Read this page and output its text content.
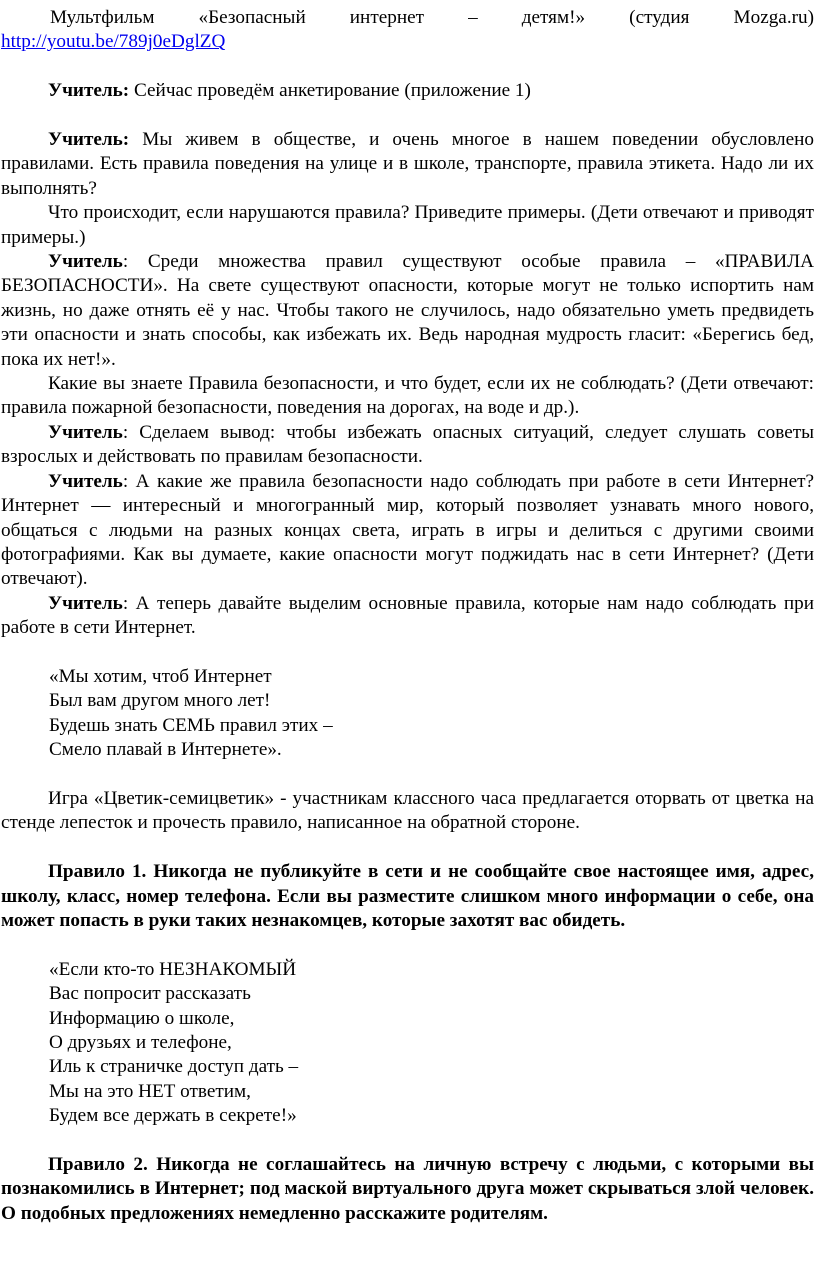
Мультфильм «Безопасный интернет – детям!» (студия Mozga.ru)

http://youtu.be/789j0eDglZQ

Учитель: Сейчас проведём анкетирование (приложение 1)

Учитель: Мы живем в обществе, и очень многое в нашем поведении обусловлено правилами. Есть правила поведения на улице и в школе, транспорте, правила этикета. Надо ли их выполнять?

Что происходит, если нарушаются правила? Приведите примеры. (Дети отвечают и приводят примеры.)

Учитель: Среди множества правил существуют особые правила – «ПРАВИЛА БЕЗОПАСНОСТИ». На свете существуют опасности, которые могут не только испортить нам жизнь, но даже отнять её у нас. Чтобы такого не случилось, надо обязательно уметь предвидеть эти опасности и знать способы, как избежать их. Ведь народная мудрость гласит: «Берегись бед, пока их нет!».

Какие вы знаете Правила безопасности, и что будет, если их не соблюдать? (Дети отвечают: правила пожарной безопасности, поведения на дорогах, на воде и др.).

Учитель: Сделаем вывод: чтобы избежать опасных ситуаций, следует слушать советы взрослых и действовать по правилам безопасности.

Учитель: А какие же правила безопасности надо соблюдать при работе в сети Интернет? Интернет — интересный и многогранный мир, который позволяет узнавать много нового, общаться с людьми на разных концах света, играть в игры и делиться с другими своими фотографиями. Как вы думаете, какие опасности могут поджидать нас в сети Интернет? (Дети отвечают).

Учитель: А теперь давайте выделим основные правила, которые нам надо соблюдать при работе в сети Интернет.

«Мы хотим, чтоб Интернет
Был вам другом много лет!
Будешь знать СЕМЬ правил этих –
Смело плавай в Интернете».

Игра «Цветик-семицветик» - участникам классного часа предлагается оторвать от цветка на стенде лепесток и прочесть правило, написанное на обратной стороне.

Правило 1. Никогда не публикуйте в сети и не сообщайте свое настоящее имя, адрес, школу, класс, номер телефона. Если вы разместите слишком много информации о себе, она может попасть в руки таких незнакомцев, которые захотят вас обидеть.

«Если кто-то НЕЗНАКОМЫЙ
Вас попросит рассказать
Информацию о школе,
О друзьях и телефоне,
Иль к страничке доступ дать –
Мы на это НЕТ ответим,
Будем все держать в секрете!»

Правило 2. Никогда не соглашайтесь на личную встречу с людьми, с которыми вы познакомились в Интернет; под маской виртуального друга может скрываться злой человек. О подобных предложениях немедленно расскажите родителям.
